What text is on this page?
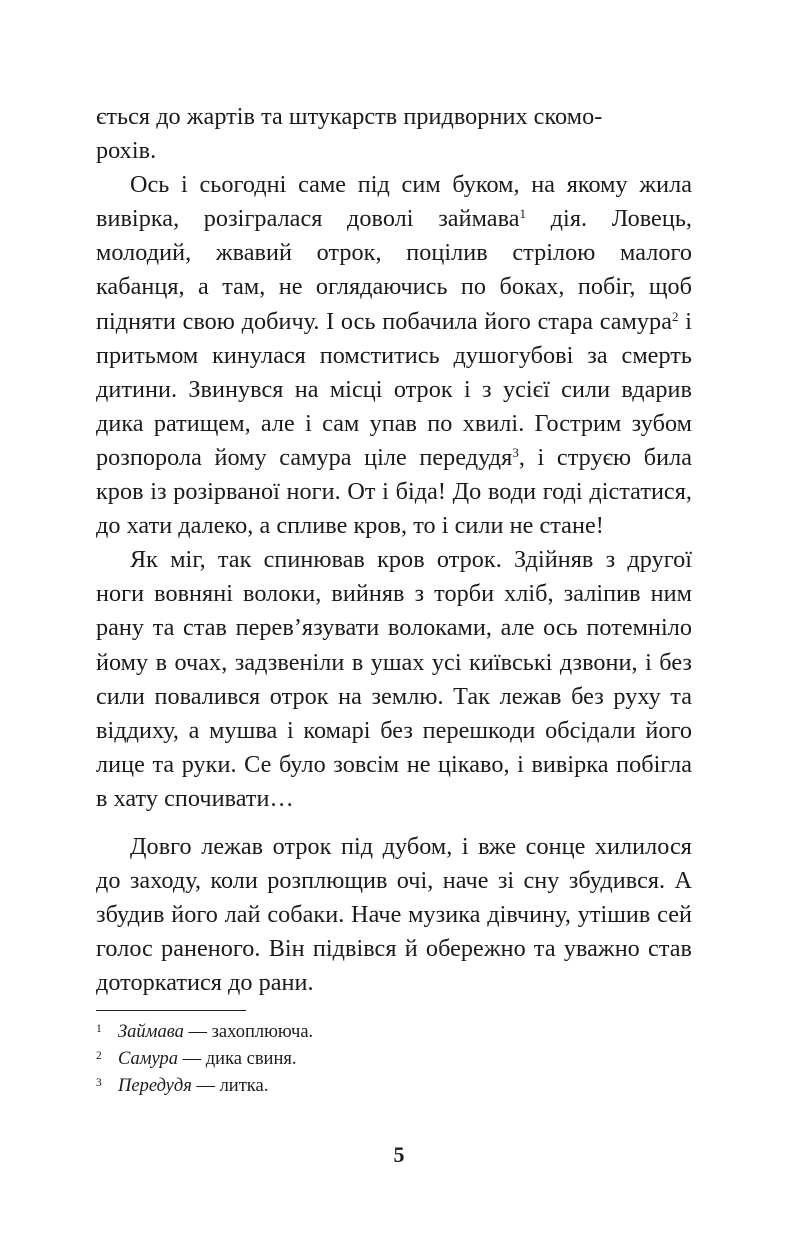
ється до жартів та штукарств придворних скомо-
рохів.

Ось і сьогодні саме під сим буком, на якому жила вивірка, розігралася доволі займава$^1$ дія. Ловець, молодий, жвавий отрок, поцілив стрілою малого кабанця, а там, не оглядаючись по боках, побіг, щоб підняти свою добичу. І ось побачила його стара самура$^2$ і притьмом кинулася помститись душогубові за смерть дитини. Звинувся на місці отрок і з усієї сили вдарив дика ратищем, але і сам упав по хвилі. Гострим зубом розпорола йому самура ціле передудя$^3$, і струєю била кров із розірваної ноги. От і біда! До води годі дістатися, до хати далеко, а спливе кров, то і сили не стане!

Як міг, так спинював кров отрок. Здійняв з другої ноги вовняні волоки, вийняв з торби хліб, заліпив ним рану та став перев’язувати волоками, але ось потемніло йому в очах, задзвеніли в ушах усі київські дзвони, і без сили повалився отрок на землю. Так лежав без руху та віддиху, а мушва і комарі без перешкоди обсідали його лице та руки. Се було зовсім не цікаво, і вивірка побігла в хату спочивати…

Довго лежав отрок під дубом, і вже сонце хилилося до заходу, коли розплющив очі, наче зі сну збудився. А збудив його лай собаки. Наче музика дівчину, утішив сей голос раненого. Він підвівся й обережно та уважно став доторкатися до рани.

1 Займава — захоплююча.
2 Самура — дика свиня.
3 Передудя — литка.
5
